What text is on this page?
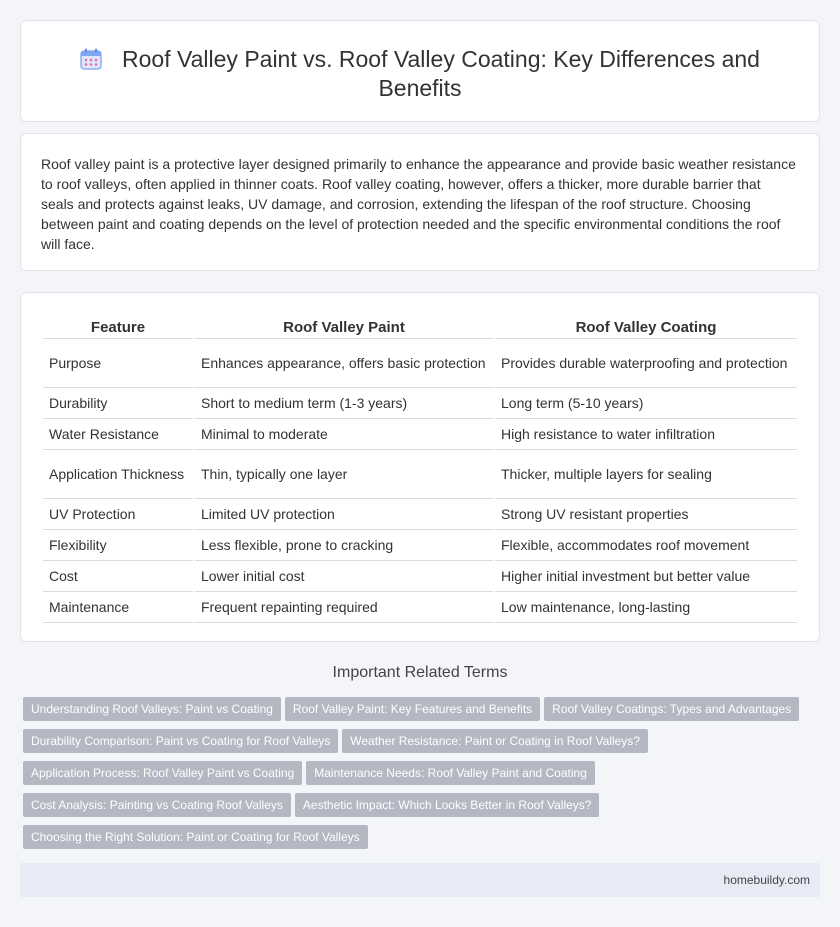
Roof Valley Paint vs. Roof Valley Coating: Key Differences and Benefits

Roof valley paint is a protective layer designed primarily to enhance the appearance and provide basic weather resistance to roof valleys, often applied in thinner coats. Roof valley coating, however, offers a thicker, more durable barrier that seals and protects against leaks, UV damage, and corrosion, extending the lifespan of the roof structure. Choosing between paint and coating depends on the level of protection needed and the specific environmental conditions the roof will face.

Feature	Roof Valley Paint	Roof Valley Coating
Purpose	Enhances appearance, offers basic protection	Provides durable waterproofing and protection
Durability	Short to medium term (1-3 years)	Long term (5-10 years)
Water Resistance	Minimal to moderate	High resistance to water infiltration
Application Thickness	Thin, typically one layer	Thicker, multiple layers for sealing
UV Protection	Limited UV protection	Strong UV resistant properties
Flexibility	Less flexible, prone to cracking	Flexible, accommodates roof movement
Cost	Lower initial cost	Higher initial investment but better value
Maintenance	Frequent repainting required	Low maintenance, long-lasting
Important Related Terms
Understanding Roof Valleys: Paint vs Coating Roof Valley Paint: Key Features and Benefits Roof Valley Coatings: Types and Advantages
Durability Comparison: Paint vs Coating for Roof Valleys Weather Resistance: Paint or Coating in Roof Valleys?
Application Process: Roof Valley Paint vs Coating Maintenance Needs: Roof Valley Paint and Coating
Cost Analysis: Painting vs Coating Roof Valleys Aesthetic Impact: Which Looks Better in Roof Valleys?
Choosing the Right Solution: Paint or Coating for Roof Valleys
homebuildy.com
